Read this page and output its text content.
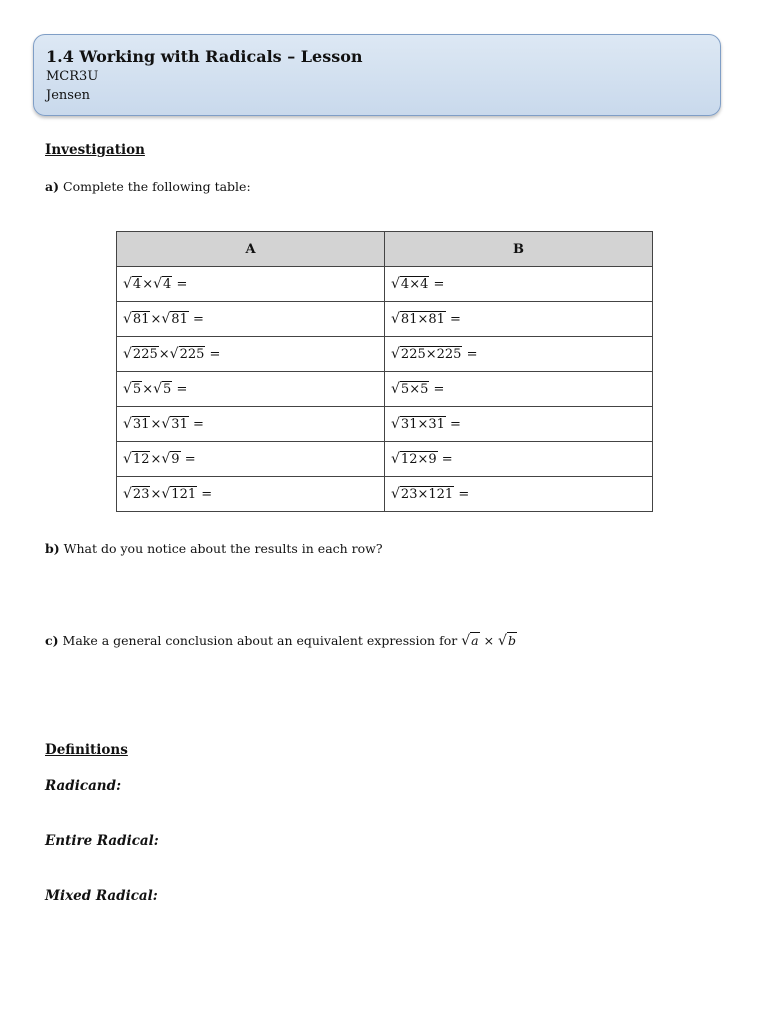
1.4 Working with Radicals – Lesson
MCR3U
Jensen
Investigation
a) Complete the following table:
A	B
√4×√4 =	√4×4 =
√81×√81 =	√81×81 =
√225×√225 =	√225×225 =
√5×√5 =	√5×5 =
√31×√31 =	√31×31 =
√12×√9 =	√12×9 =
√23×√121 =	√23×121 =
b) What do you notice about the results in each row?
c) Make a general conclusion about an equivalent expression for √a × √b
Definitions
Radicand:
Entire Radical:
Mixed Radical:
